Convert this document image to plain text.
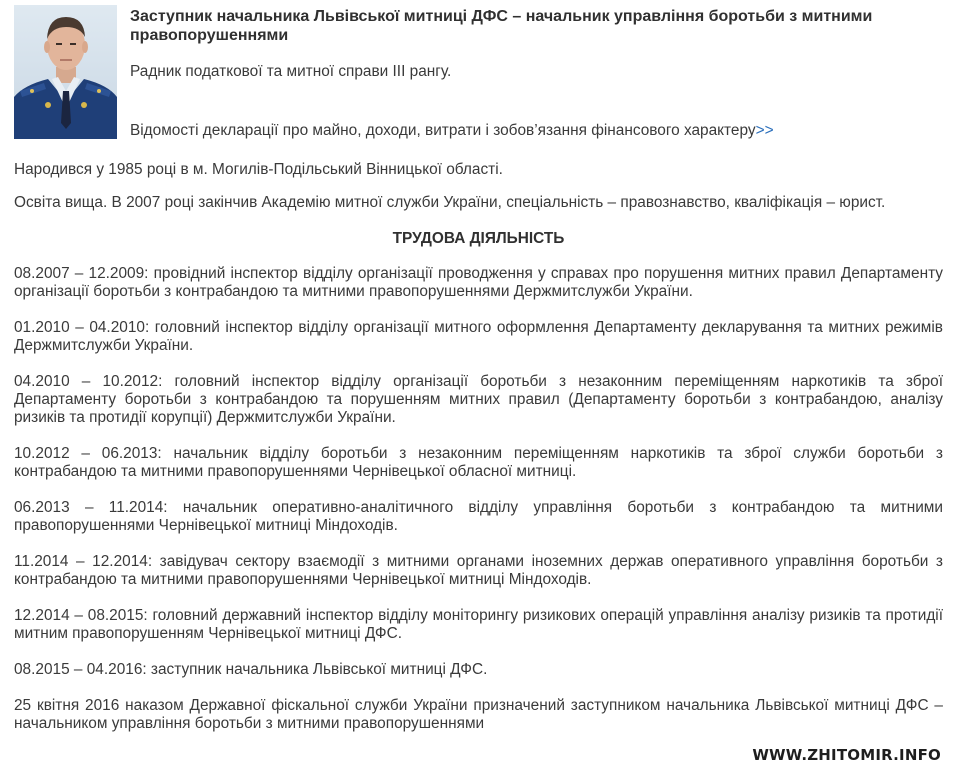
Заступник начальника Львівської митниці ДФС – начальник управління боротьби з митними правопорушеннями
Радник податкової та митної справи ІІІ рангу.
Відомості декларації про майно, доходи, витрати і зобов’язання фінансового характеру>>

Народився у 1985 році в м. Могилів-Подільський Вінницької області.

Освіта вища. В 2007 році закінчив Академію митної служби України, спеціальність – правознавство, кваліфікація – юрист.

ТРУДОВА ДІЯЛЬНІСТЬ

08.2007 – 12.2009: провідний інспектор відділу організації проводження у справах про порушення митних правил Департаменту організації боротьби з контрабандою та митними правопорушеннями Держмитслужби України.

01.2010 – 04.2010: головний інспектор відділу організації митного оформлення Департаменту декларування та митних режимів Держмитслужби України.

04.2010 – 10.2012: головний інспектор відділу організації боротьби з незаконним переміщенням наркотиків та зброї Департаменту боротьби з контрабандою та порушенням митних правил (Департаменту боротьби з контрабандою, аналізу ризиків та протидії корупції) Держмитслужби України.

10.2012 – 06.2013: начальник відділу боротьби з незаконним переміщенням наркотиків та зброї служби боротьби з контрабандою та митними правопорушеннями Чернівецької обласної митниці.

06.2013 – 11.2014: начальник оперативно-аналітичного відділу управління боротьби з контрабандою та митними правопорушеннями Чернівецької митниці Міндоходів.

11.2014 – 12.2014: завідувач сектору взаємодії з митними органами іноземних держав оперативного управління боротьби з контрабандою та митними правопорушеннями Чернівецької митниці Міндоходів.

12.2014 – 08.2015: головний державний інспектор відділу моніторингу ризикових операцій управління аналізу ризиків та протидії митним правопорушенням Чернівецької митниці ДФС.

08.2015 – 04.2016: заступник начальника Львівської митниці ДФС.

25 квітня 2016 наказом Державної фіскальної служби України призначений заступником начальника Львівської митниці ДФС – начальником управління боротьби з митними правопорушеннями

WWW.ZHITOMIR.INFO
